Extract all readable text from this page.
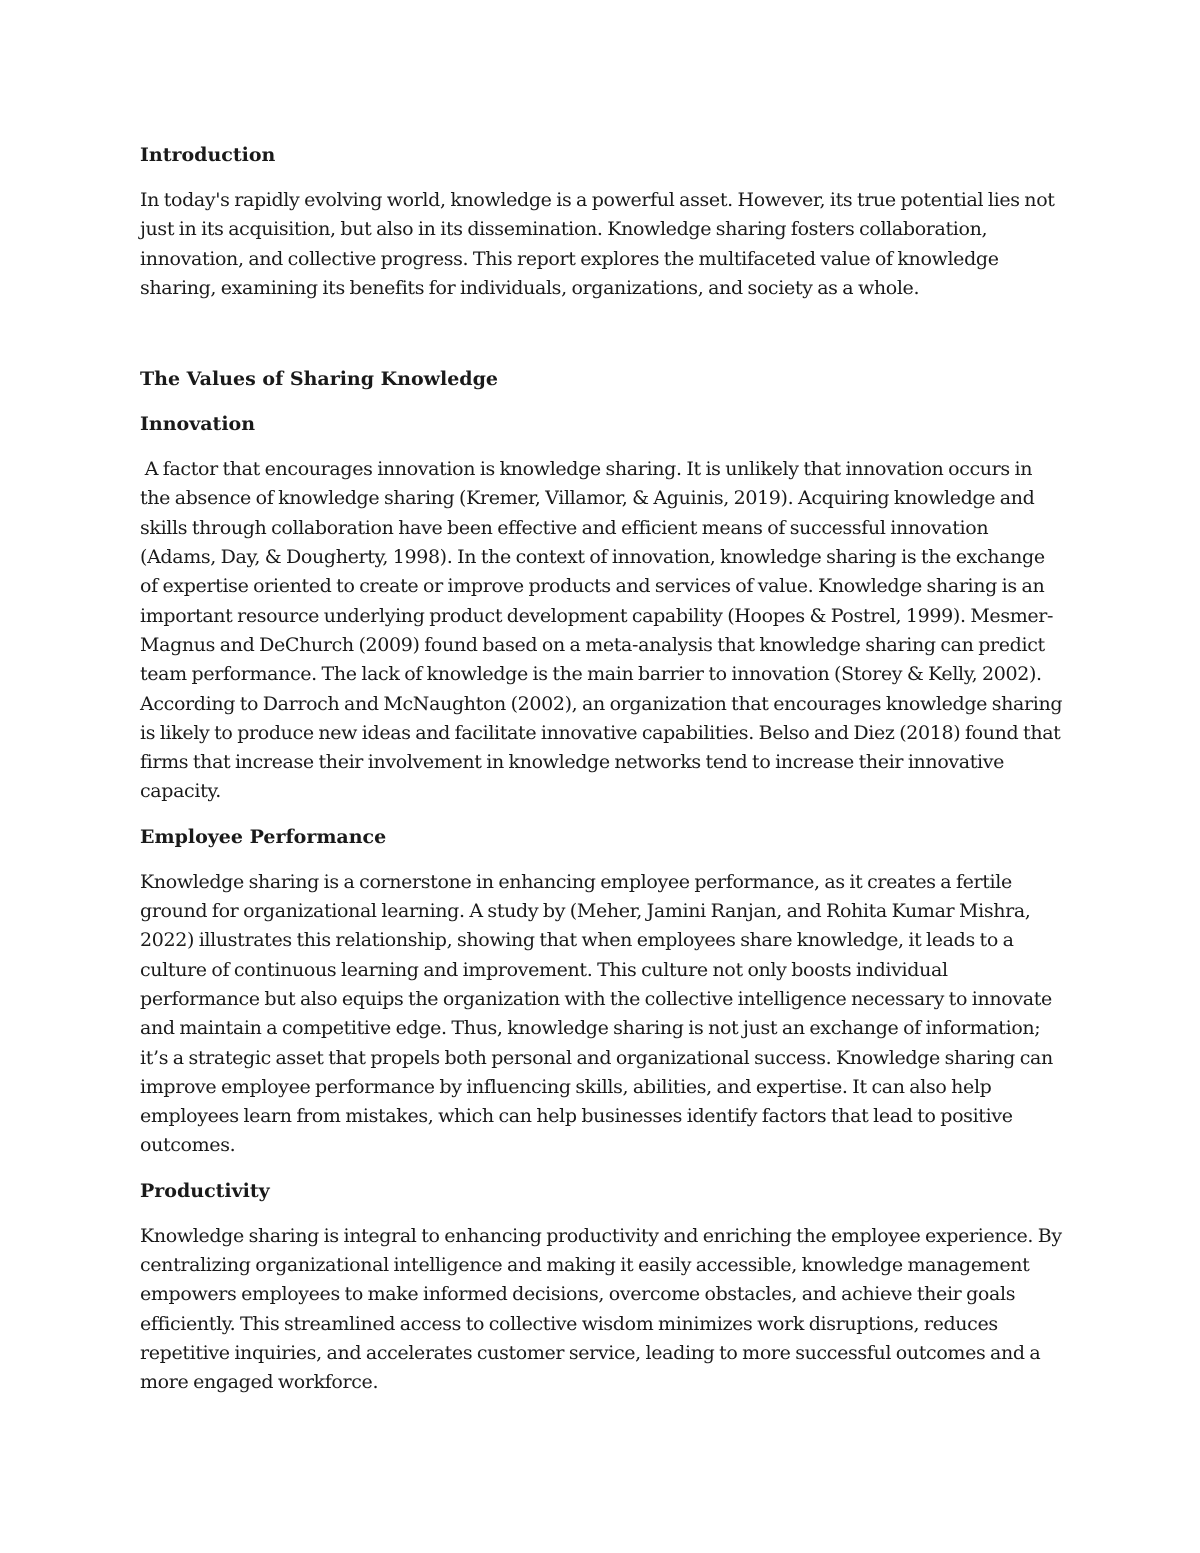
Introduction

In today's rapidly evolving world, knowledge is a powerful asset. However, its true potential lies not just in its acquisition, but also in its dissemination. Knowledge sharing fosters collaboration, innovation, and collective progress. This report explores the multifaceted value of knowledge sharing, examining its benefits for individuals, organizations, and society as a whole.

The Values of Sharing Knowledge
Innovation

A factor that encourages innovation is knowledge sharing. It is unlikely that innovation occurs in the absence of knowledge sharing (Kremer, Villamor, & Aguinis, 2019). Acquiring knowledge and skills through collaboration have been effective and efficient means of successful innovation (Adams, Day, & Dougherty, 1998). In the context of innovation, knowledge sharing is the exchange of expertise oriented to create or improve products and services of value. Knowledge sharing is an important resource underlying product development capability (Hoopes & Postrel, 1999). Mesmer-Magnus and DeChurch (2009) found based on a meta-analysis that knowledge sharing can predict team performance. The lack of knowledge is the main barrier to innovation (Storey & Kelly, 2002). According to Darroch and McNaughton (2002), an organization that encourages knowledge sharing is likely to produce new ideas and facilitate innovative capabilities. Belso and Diez (2018) found that firms that increase their involvement in knowledge networks tend to increase their innovative capacity.

Employee Performance

Knowledge sharing is a cornerstone in enhancing employee performance, as it creates a fertile ground for organizational learning. A study by (Meher, Jamini Ranjan, and Rohita Kumar Mishra, 2022) illustrates this relationship, showing that when employees share knowledge, it leads to a culture of continuous learning and improvement. This culture not only boosts individual performance but also equips the organization with the collective intelligence necessary to innovate and maintain a competitive edge. Thus, knowledge sharing is not just an exchange of information; it’s a strategic asset that propels both personal and organizational success. Knowledge sharing can improve employee performance by influencing skills, abilities, and expertise. It can also help employees learn from mistakes, which can help businesses identify factors that lead to positive outcomes.

Productivity

Knowledge sharing is integral to enhancing productivity and enriching the employee experience. By centralizing organizational intelligence and making it easily accessible, knowledge management empowers employees to make informed decisions, overcome obstacles, and achieve their goals efficiently. This streamlined access to collective wisdom minimizes work disruptions, reduces repetitive inquiries, and accelerates customer service, leading to more successful outcomes and a more engaged workforce.
